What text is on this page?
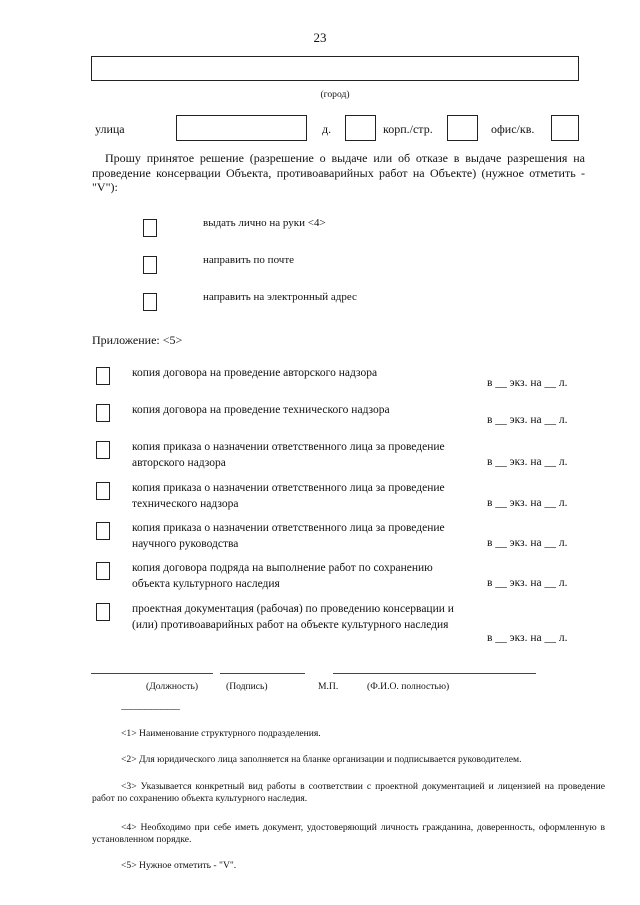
23
(город)
улица	д.	корп./стр.	офис/кв.
Прошу принятое решение (разрешение о выдаче или об отказе в выдаче разрешения на проведение консервации Объекта, противоаварийных работ на Объекте) (нужное отметить - "V"):
выдать лично на руки <4>
направить по почте
направить на электронный адрес
Приложение: <5>
копия договора на проведение авторского надзора
в __ экз. на __ л.
копия договора на проведение технического надзора
в __ экз. на __ л.
копия приказа о назначении ответственного лица за проведение авторского надзора	в __ экз. на __ л.
копия приказа о назначении ответственного лица за проведение технического надзора	в __ экз. на __ л.
копия приказа о назначении ответственного лица за проведение научного руководства	в __ экз. на __ л.
копия договора подряда на выполнение работ по сохранению объекта культурного наследия	в __ экз. на __ л.
проектная документация (рабочая) по проведению консервации и (или) противоаварийных работ на объекте культурного наследия
в __ экз. на __ л.
(Должность)	(Подпись)	М.П.	(Ф.И.О. полностью)
--------------------------------
<1> Наименование структурного подразделения.
<2> Для юридического лица заполняется на бланке организации и подписывается руководителем.
<3> Указывается конкретный вид работы в соответствии с проектной документацией и лицензией на проведение работ по сохранению объекта культурного наследия.
<4> Необходимо при себе иметь документ, удостоверяющий личность гражданина, доверенность, оформленную в установленном порядке.
<5> Нужное отметить - "V".
